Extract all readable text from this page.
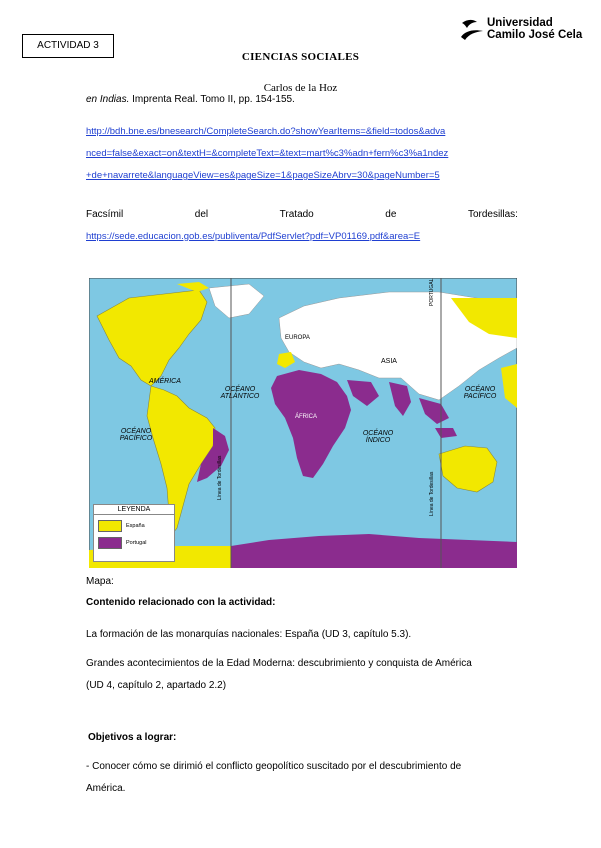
ACTIVIDAD 3
CIENCIAS SOCIALES
Carlos de la Hoz
Universidad
Camilo José Cela
en Indias. Imprenta Real. Tomo II, pp. 154-155.
http://bdh.bne.es/bnesearch/CompleteSearch.do?showYearItems=&field=todos&adva
nced=false&exact=on&textH=&completeText=&text=mart%c3%adn+fern%c3%a1ndez
+de+navarrete&languageView=es&pageSize=1&pageSizeAbrv=30&pageNumber=5
Facsímil	del	Tratado	de	Tordesillas:
https://sede.educacion.gob.es/publiventa/PdfServlet?pdf=VP01169.pdf&area=E
AMÉRICA
EUROPA
ASIA
ÁFRICA
OCÉANO
ATLÁNTICO
OCÉANO
PACÍFICO
OCÉANO
PACÍFICO
OCÉANO
ÍNDICO
Línea de Tordesillas	Línea de Tordesillas
PORTUGAL
LEYENDA
España
Portugal
Mapa:
Contenido relacionado con la actividad:
La formación de las monarquías nacionales: España (UD 3, capítulo 5.3).
Grandes acontecimientos de la Edad Moderna: descubrimiento y conquista de América
(UD 4, capítulo 2, apartado 2.2)
Objetivos a lograr:
- Conocer cómo se dirimió el conflicto geopolítico suscitado por el descubrimiento de
América.
